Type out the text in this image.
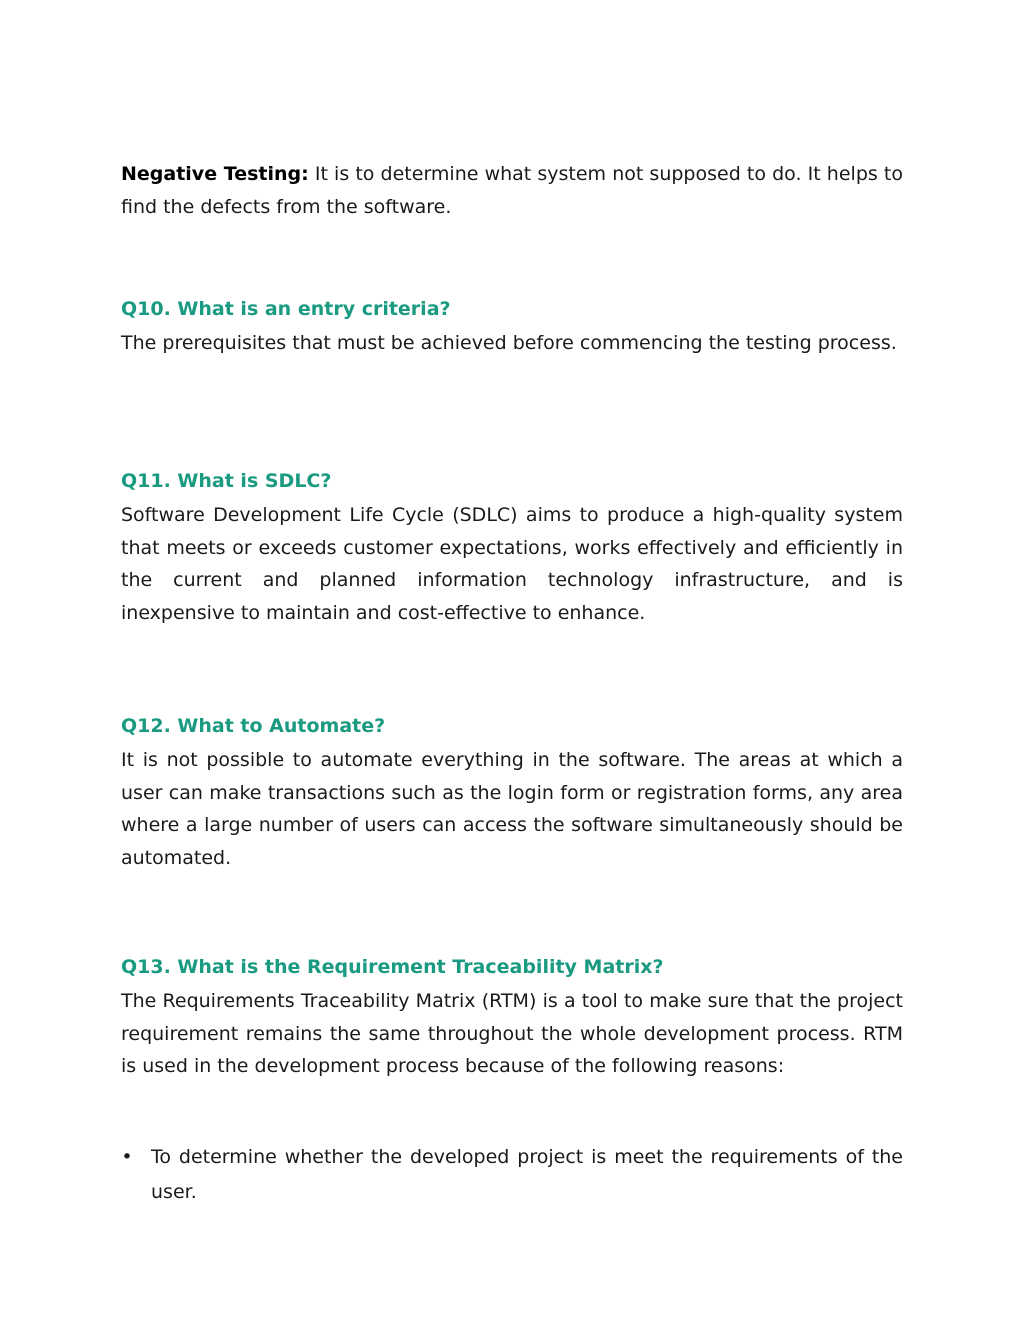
Negative Testing: It is to determine what system not supposed to do. It helps to find the defects from the software.

Q10. What is an entry criteria?

The prerequisites that must be achieved before commencing the testing process.

Q11. What is SDLC?

Software Development Life Cycle (SDLC) aims to produce a high-quality system that meets or exceeds customer expectations, works effectively and efficiently in the current and planned information technology infrastructure, and is inexpensive to maintain and cost-effective to enhance.

Q12. What to Automate?

It is not possible to automate everything in the software. The areas at which a user can make transactions such as the login form or registration forms, any area where a large number of users can access the software simultaneously should be automated.

Q13. What is the Requirement Traceability Matrix?

The Requirements Traceability Matrix (RTM) is a tool to make sure that the project requirement remains the same throughout the whole development process. RTM is used in the development process because of the following reasons:

• To determine whether the developed project is meet the requirements of the user.
